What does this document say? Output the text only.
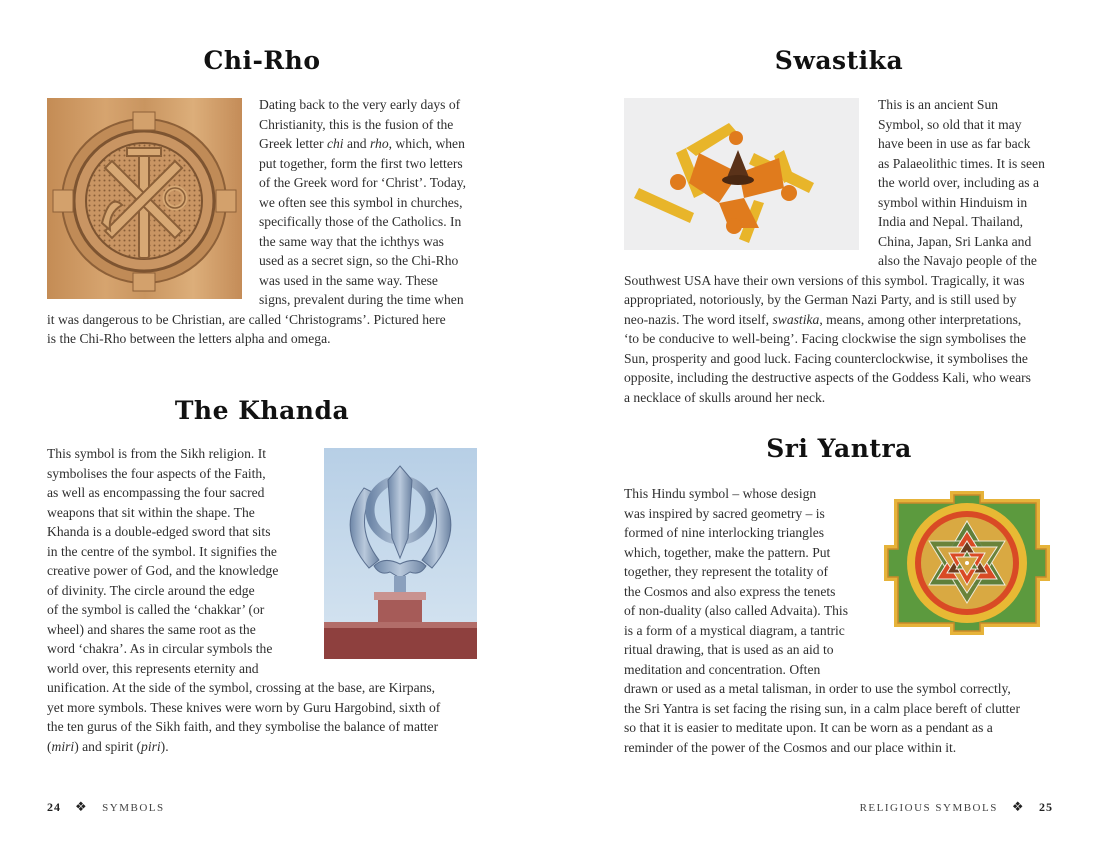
Chi-Rho
Dating back to the very early days of
Christianity, this is the fusion of the
Greek letter chi and rho, which, when
put together, form the first two letters
of the Greek word for ‘Christ’. Today,
we often see this symbol in churches,
specifically those of the Catholics. In
the same way that the ichthys was
used as a secret sign, so the Chi-Rho
was used in the same way. These
signs, prevalent during the time when
it was dangerous to be Christian, are called ‘Christograms’. Pictured here
is the Chi-Rho between the letters alpha and omega.
The Khanda
This symbol is from the Sikh religion. It
symbolises the four aspects of the Faith,
as well as encompassing the four sacred
weapons that sit within the shape. The
Khanda is a double-edged sword that sits
in the centre of the symbol. It signifies the
creative power of God, and the knowledge
of divinity. The circle around the edge
of the symbol is called the ‘chakkar’ (or
wheel) and shares the same root as the
word ‘chakra’. As in circular symbols the
world over, this represents eternity and
unification. At the side of the symbol, crossing at the base, are Kirpans,
yet more symbols. These knives were worn by Guru Hargobind, sixth of
the ten gurus of the Sikh faith, and they symbolise the balance of matter
(miri) and spirit (piri).
24 ❖ SYMBOLS
Swastika
This is an ancient Sun
Symbol, so old that it may
have been in use as far back
as Palaeolithic times. It is seen
the world over, including as a
symbol within Hinduism in
India and Nepal. Thailand,
China, Japan, Sri Lanka and
also the Navajo people of the
Southwest USA have their own versions of this symbol. Tragically, it was
appropriated, notoriously, by the German Nazi Party, and is still used by
neo-nazis. The word itself, swastika, means, among other interpretations,
‘to be conducive to well-being’. Facing clockwise the sign symbolises the
Sun, prosperity and good luck. Facing counterclockwise, it symbolises the
opposite, including the destructive aspects of the Goddess Kali, who wears
a necklace of skulls around her neck.
Sri Yantra
This Hindu symbol – whose design
was inspired by sacred geometry – is
formed of nine interlocking triangles
which, together, make the pattern. Put
together, they represent the totality of
the Cosmos and also express the tenets
of non-duality (also called Advaita). This
is a form of a mystical diagram, a tantric
ritual drawing, that is used as an aid to
meditation and concentration. Often
drawn or used as a metal talisman, in order to use the symbol correctly,
the Sri Yantra is set facing the rising sun, in a calm place bereft of clutter
so that it is easier to meditate upon. It can be worn as a pendant as a
reminder of the power of the Cosmos and our place within it.
RELIGIOUS SYMBOLS ❖ 25
